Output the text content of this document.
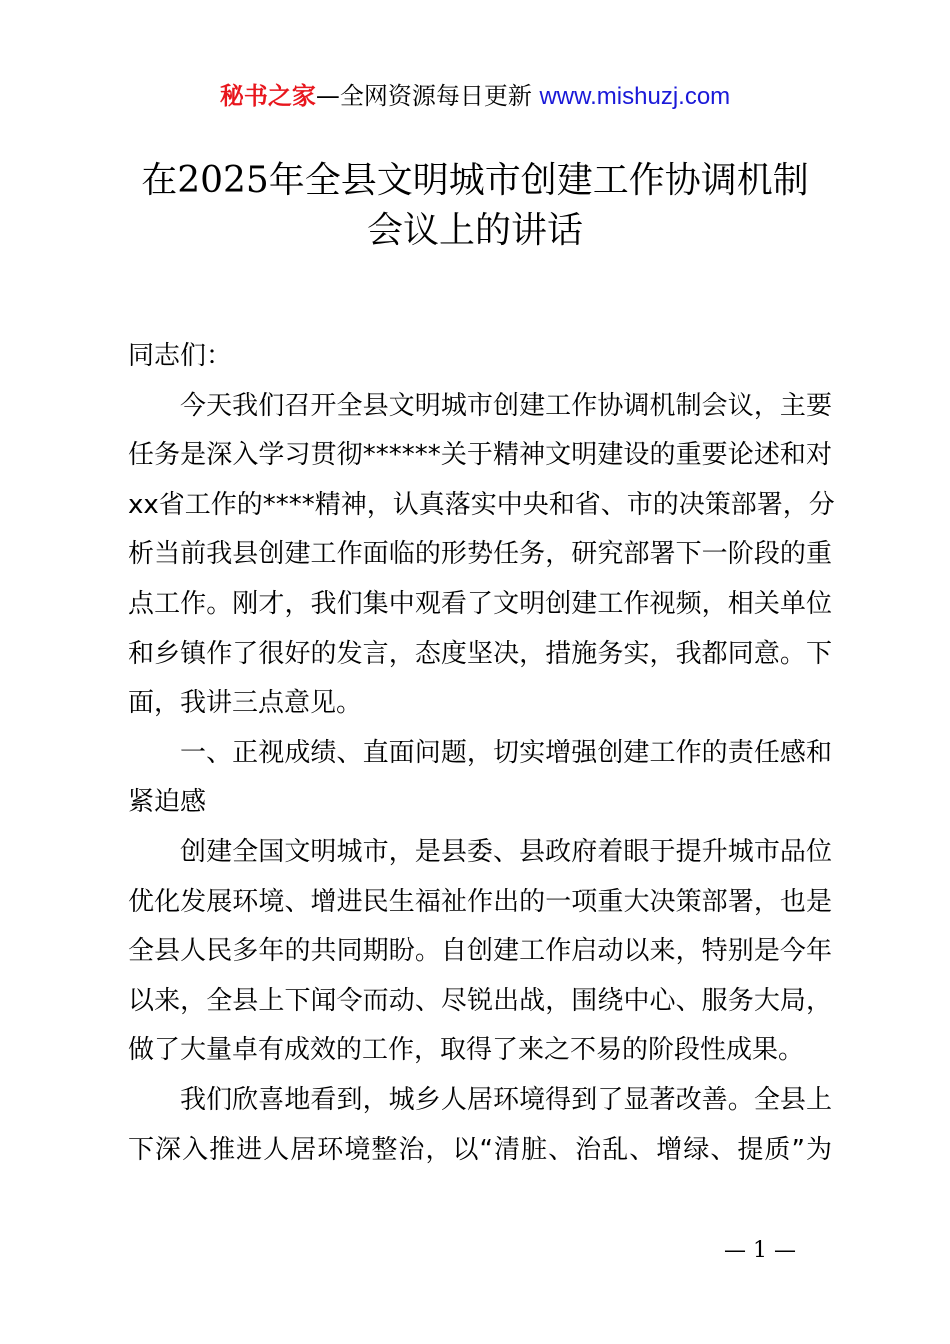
秘书之家—全网资源每日更新 www.mishuzj.com
在2025年全县文明城市创建工作协调机制
会议上的讲话
同志们：
今天我们召开全县文明城市创建工作协调机制会议，主要
任务是深入学习贯彻******关于精神文明建设的重要论述和对
xx省工作的****精神，认真落实中央和省、市的决策部署，分
析当前我县创建工作面临的形势任务，研究部署下一阶段的重
点工作。刚才，我们集中观看了文明创建工作视频，相关单位
和乡镇作了很好的发言，态度坚决，措施务实，我都同意。下
面，我讲三点意见。
一、正视成绩、直面问题，切实增强创建工作的责任感和
紧迫感
创建全国文明城市，是县委、县政府着眼于提升城市品位
优化发展环境、增进民生福祉作出的一项重大决策部署，也是
全县人民多年的共同期盼。自创建工作启动以来，特别是今年
以来，全县上下闻令而动、尽锐出战，围绕中心、服务大局，
做了大量卓有成效的工作，取得了来之不易的阶段性成果。
我们欣喜地看到，城乡人居环境得到了显著改善。全县上
下深入推进人居环境整治，以“清脏、治乱、增绿、提质”为
— 1 —
